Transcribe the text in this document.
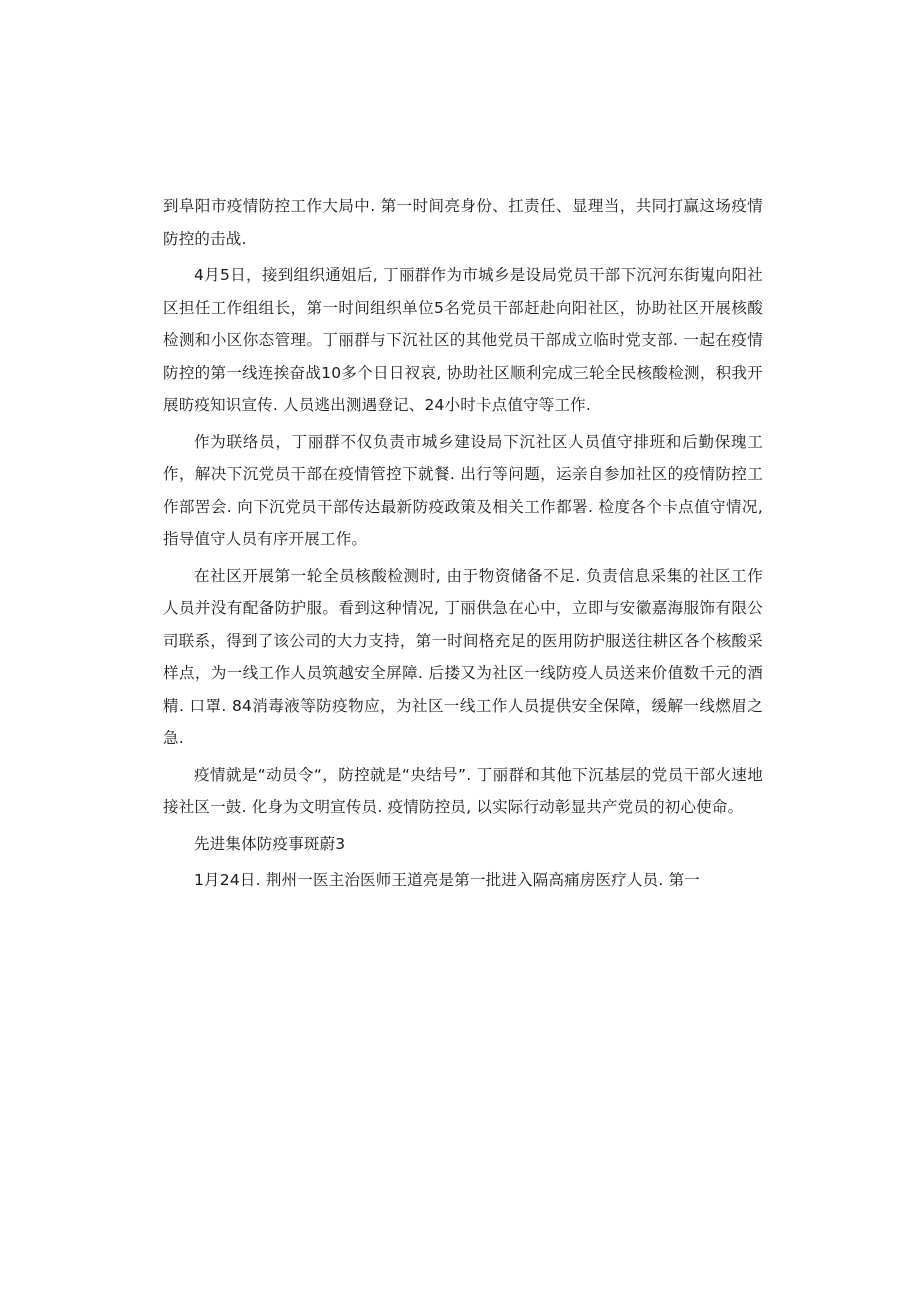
到阜阳市疫情防控工作大局中. 第一时间亮身份、扛责任、显理当，共同打赢这场疫情防控的击战.

4月5日，接到组织通姐后, 丁丽群作为市城乡是设局党员干部下沉河东街嵬向阳社区担任工作组组长，第一时间组织单位5名党员干部赶赴向阳社区，协助社区开展核酸检测和小区你态管理。丁丽群与下沉社区的其他党员干部成立临时党支部. 一起在疫情防控的第一线连挨奋战10多个日日衩哀, 协助社区顺利完成三轮全民核酸检测，积我开展昉疫知识宣传. 人员逃出测遇登记、24小时卡点值守等工作.

作为联络员，丁丽群不仅负责市城乡建设局下沉社区人员值守排班和后勤保瑰工作，解决下沉党员干部在疫情管控下就餐. 出行等问题，运亲自参加社区的疫情防控工作部罟会. 向下沉党员干部传达最新防疫政策及相关工作都署. 检度各个卡点值守情况, 指导值守人员有序开展工作。

在社区开展第一轮全员核酸检测时, 由于物资储备不足. 负责信息采集的社区工作人员并没有配备防护服。看到这种情况, 丁丽供急在心中，立即与安徽嘉海服饰有限公司联系，得到了该公司的大力支持，第一时间格充足的医用防护服送往耕区各个核酸采样点，为一线工作人员筑越安全屏障. 后搂又为社区一线防疫人员送来价值数千元的酒精. 口罩. 84消毒液等防疫物应，为社区一线工作人员提供安全保障，缓解一线燃眉之急.

疫情就是“动员令“，防控就是“央结号”. 丁丽群和其他下沉基层的党员干部火速地接社区一鼓. 化身为文明宣传员. 疫情防控员, 以实际行动彰显共产党员的初心使命。

先进集体防疫事斑蔚3

1月24日. 荆州一医主治医师王道亮是第一批进入隔高痛房医疗人员. 第一
